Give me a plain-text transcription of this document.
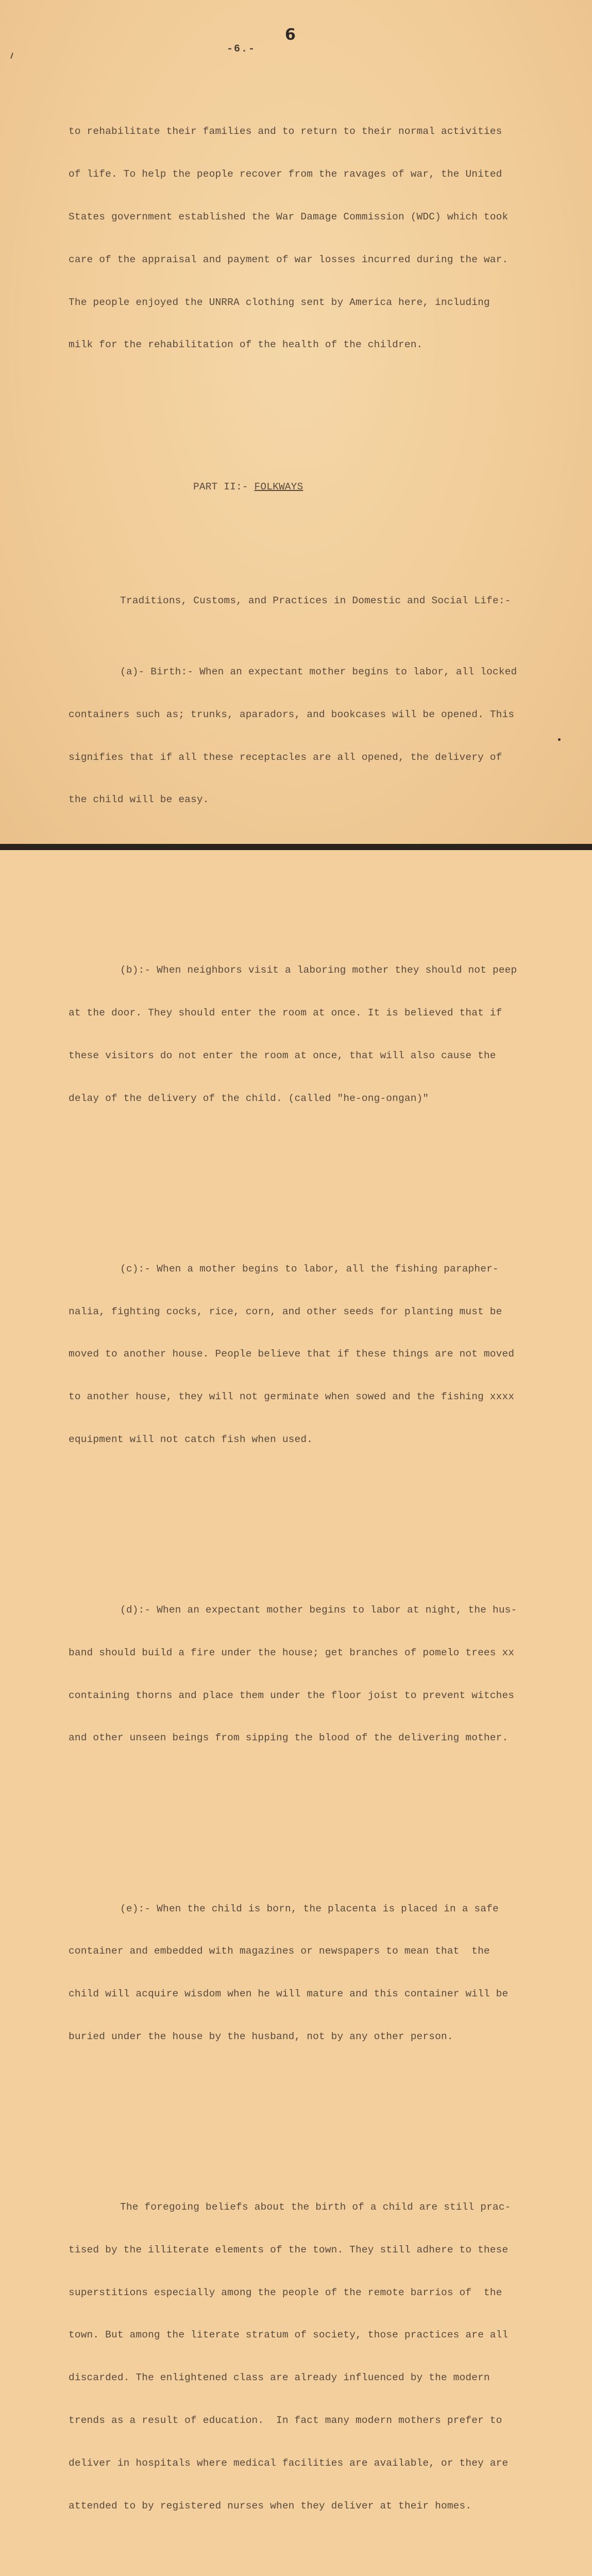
6
-6.-

to rehabilitate their families and to return to their normal activities

of life. To help the people recover from the ravages of war, the United

States government established the War Damage Commission (WDC) which took

care of the appraisal and payment of war losses incurred during the war.

The people enjoyed the UNRRA clothing sent by America here, including

milk for the rehabilitation of the health of the children.

PART II:- FOLKWAYS

Traditions, Customs, and Practices in Domestic and Social Life:-

(a)- Birth:- When an expectant mother begins to labor, all locked

containers such as; trunks, aparadors, and bookcases will be opened. This

signifies that if all these receptacles are all opened, the delivery of

the child will be easy.

(b):- When neighbors visit a laboring mother they should not peep

at the door. They should enter the room at once. It is believed that if

these visitors do not enter the room at once, that will also cause the

delay of the delivery of the child. (called "he-ong-ongan)"

(c):- When a mother begins to labor, all the fishing parapher-

nalia, fighting cocks, rice, corn, and other seeds for planting must be

moved to another house. People believe that if these things are not moved

to another house, they will not germinate when sowed and the fishing xxxx

equipment will not catch fish when used.

(d):- When an expectant mother begins to labor at night, the hus-

band should build a fire under the house; get branches of pomelo trees xx

containing thorns and place them under the floor joist to prevent witches

and other unseen beings from sipping the blood of the delivering mother.

(e):- When the child is born, the placenta is placed in a safe

container and embedded with magazines or newspapers to mean that  the

child will acquire wisdom when he will mature and this container will be

buried under the house by the husband, not by any other person.

The foregoing beliefs about the birth of a child are still prac-

tised by the illiterate elements of the town. They still adhere to these

superstitions especially among the people of the remote barrios of  the

town. But among the literate stratum of society, those practices are all

discarded. The enlightened class are already influenced by the modern

trends as a result of education.  In fact many modern mothers prefer to

deliver in hospitals where medical facilities are available, or they are

attended to by registered nurses when they deliver at their homes.
